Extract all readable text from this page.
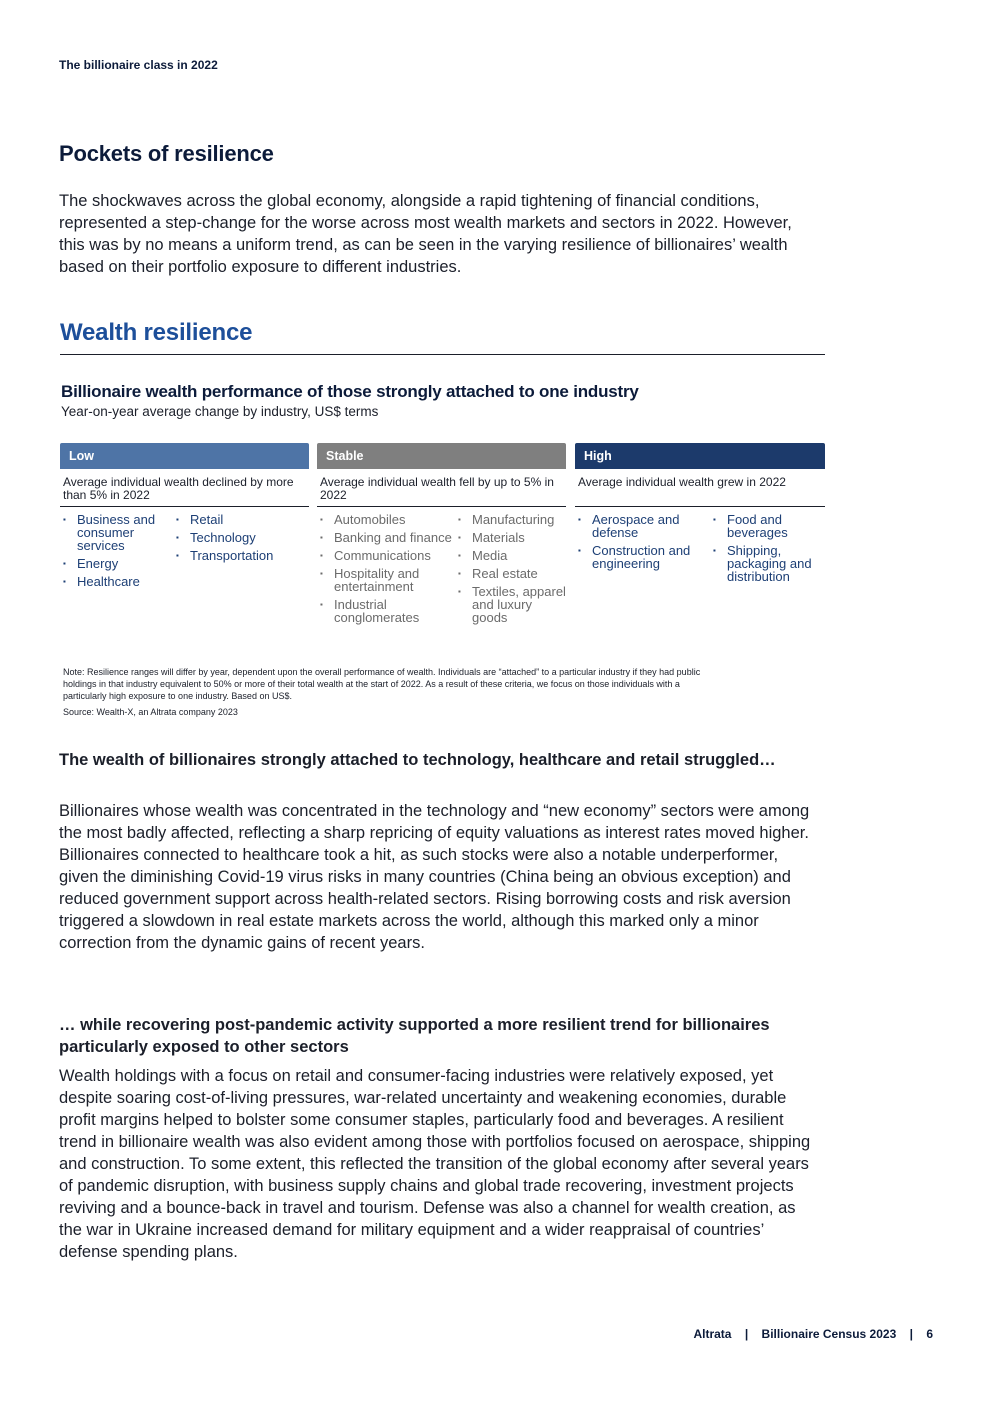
The billionaire class in 2022
Pockets of resilience

The shockwaves across the global economy, alongside a rapid tightening of financial conditions, represented a step-change for the worse across most wealth markets and sectors in 2022. However, this was by no means a uniform trend, as can be seen in the varying resilience of billionaires’ wealth based on their portfolio exposure to different industries.

Wealth resilience
Billionaire wealth performance of those strongly attached to one industry
Year-on-year average change by industry, US$ terms
Low
Average individual wealth declined by more than 5% in 2022
▪ Business and consumer services
▪ Energy
▪ Healthcare
▪ Retail
▪ Technology
▪ Transportation
Stable
Average individual wealth fell by up to 5% in 2022
▪ Automobiles
▪ Banking and finance
▪ Communications
▪ Hospitality and entertainment
▪ Industrial conglomerates
▪ Manufacturing
▪ Materials
▪ Media
▪ Real estate
▪ Textiles, apparel and luxury goods
High
Average individual wealth grew in 2022
▪ Aerospace and defense
▪ Construction and engineering
▪ Food and beverages
▪ Shipping, packaging and distribution
Note: Resilience ranges will differ by year, dependent upon the overall performance of wealth. Individuals are “attached” to a particular industry if they had public holdings in that industry equivalent to 50% or more of their total wealth at the start of 2022. As a result of these criteria, we focus on those individuals with a particularly high exposure to one industry. Based on US$.
Source: Wealth-X, an Altrata company 2023
The wealth of billionaires strongly attached to technology, healthcare and retail struggled…

Billionaires whose wealth was concentrated in the technology and “new economy” sectors were among the most badly affected, reflecting a sharp repricing of equity valuations as interest rates moved higher. Billionaires connected to healthcare took a hit, as such stocks were also a notable underperformer, given the diminishing Covid-19 virus risks in many countries (China being an obvious exception) and reduced government support across health-related sectors. Rising borrowing costs and risk aversion triggered a slowdown in real estate markets across the world, although this marked only a minor correction from the dynamic gains of recent years.

… while recovering post-pandemic activity supported a more resilient trend for billionaires particularly exposed to other sectors

Wealth holdings with a focus on retail and consumer-facing industries were relatively exposed, yet despite soaring cost-of-living pressures, war-related uncertainty and weakening economies, durable profit margins helped to bolster some consumer staples, particularly food and beverages. A resilient trend in billionaire wealth was also evident among those with portfolios focused on aerospace, shipping and construction. To some extent, this reflected the transition of the global economy after several years of pandemic disruption, with business supply chains and global trade recovering, investment projects reviving and a bounce-back in travel and tourism. Defense was also a channel for wealth creation, as the war in Ukraine increased demand for military equipment and a wider reappraisal of countries’ defense spending plans.

Altrata | Billionaire Census 2023 | 6
